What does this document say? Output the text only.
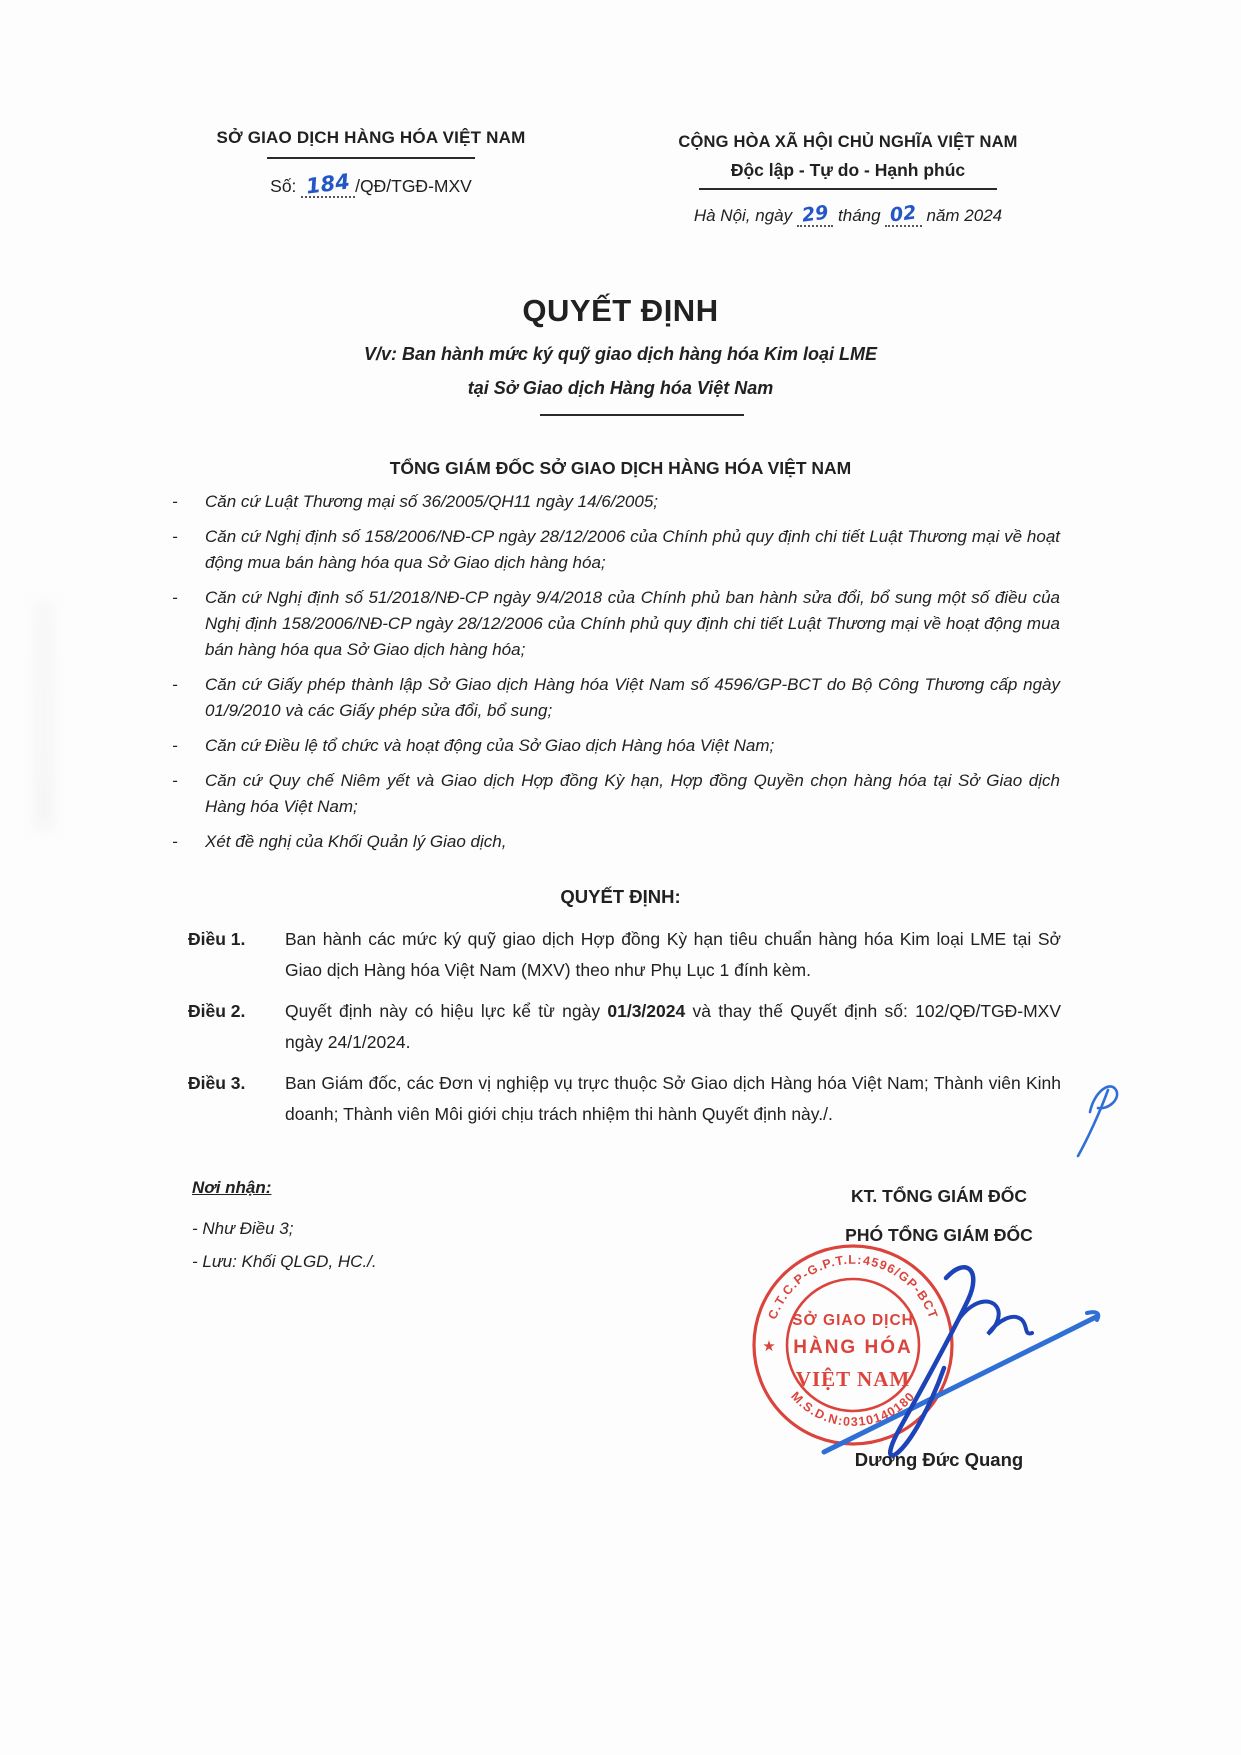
SỞ GIAO DỊCH HÀNG HÓA VIỆT NAM
Số: 184 /QĐ/TGĐ-MXV
CỘNG HÒA XÃ HỘI CHỦ NGHĨA VIỆT NAM
Độc lập - Tự do - Hạnh phúc
Hà Nội, ngày 29 tháng 02 năm 2024
QUYẾT ĐỊNH
V/v: Ban hành mức ký quỹ giao dịch hàng hóa Kim loại LME
tại Sở Giao dịch Hàng hóa Việt Nam
TỔNG GIÁM ĐỐC SỞ GIAO DỊCH HÀNG HÓA VIỆT NAM
-	Căn cứ Luật Thương mại số 36/2005/QH11 ngày 14/6/2005;
-	Căn cứ Nghị định số 158/2006/NĐ-CP ngày 28/12/2006 của Chính phủ quy định chi tiết Luật Thương mại về hoạt động mua bán hàng hóa qua Sở Giao dịch hàng hóa;
-	Căn cứ Nghị định số 51/2018/NĐ-CP ngày 9/4/2018 của Chính phủ ban hành sửa đổi, bổ sung một số điều của Nghị định 158/2006/NĐ-CP ngày 28/12/2006 của Chính phủ quy định chi tiết Luật Thương mại về hoạt động mua bán hàng hóa qua Sở Giao dịch hàng hóa;
-	Căn cứ Giấy phép thành lập Sở Giao dịch Hàng hóa Việt Nam số 4596/GP-BCT do Bộ Công Thương cấp ngày 01/9/2010 và các Giấy phép sửa đổi, bổ sung;
-	Căn cứ Điều lệ tổ chức và hoạt động của Sở Giao dịch Hàng hóa Việt Nam;
-	Căn cứ Quy chế Niêm yết và Giao dịch Hợp đồng Kỳ hạn, Hợp đồng Quyền chọn hàng hóa tại Sở Giao dịch Hàng hóa Việt Nam;
-	Xét đề nghị của Khối Quản lý Giao dịch,
QUYẾT ĐỊNH:
Điều 1.	Ban hành các mức ký quỹ giao dịch Hợp đồng Kỳ hạn tiêu chuẩn hàng hóa Kim loại LME tại Sở Giao dịch Hàng hóa Việt Nam (MXV) theo như Phụ Lục 1 đính kèm.

Điều 2.	Quyết định này có hiệu lực kể từ ngày 01/3/2024 và thay thế Quyết định số: 102/QĐ/TGĐ-MXV ngày 24/1/2024.

Điều 3.	Ban Giám đốc, các Đơn vị nghiệp vụ trực thuộc Sở Giao dịch Hàng hóa Việt Nam; Thành viên Kinh doanh; Thành viên Môi giới chịu trách nhiệm thi hành Quyết định này./.

Nơi nhận:
- Như Điều 3;
- Lưu: Khối QLGD, HC./.
KT. TỔNG GIÁM ĐỐC
PHÓ TỔNG GIÁM ĐỐC
Dương Đức Quang
C.T.C.P-G.P.T.L:4596/GP-BCT
M.S.D.N:0310140180
★
SỞ GIAO DỊCH
HÀNG HÓA
VIỆT NAM
